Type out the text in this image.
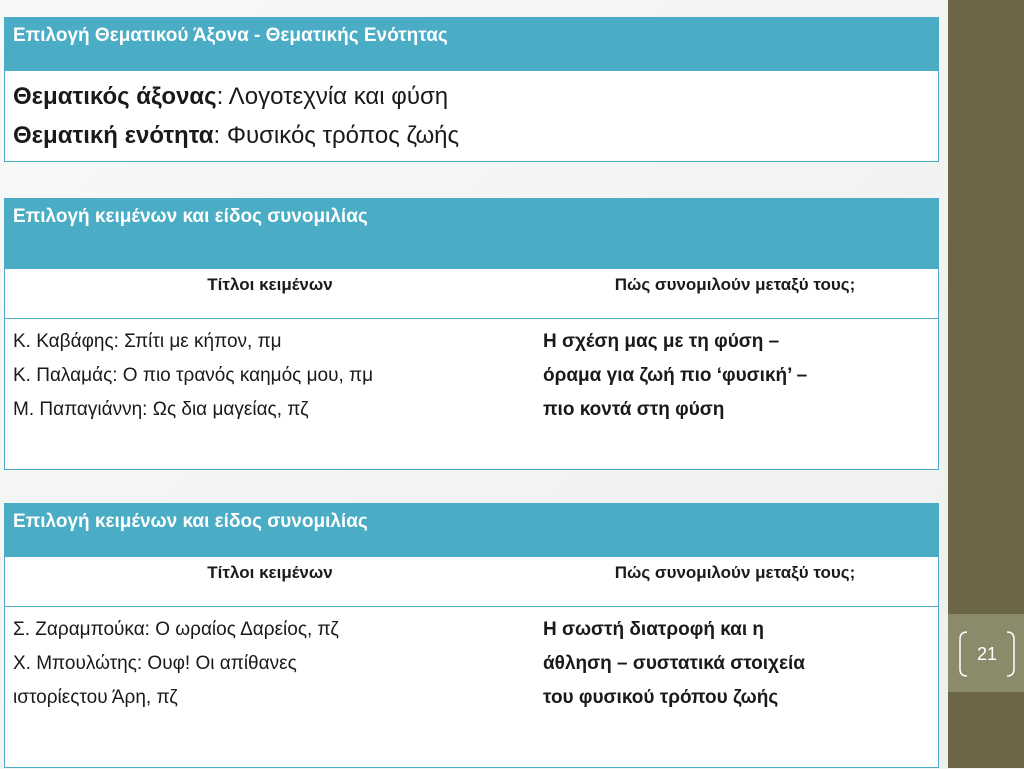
21
Επιλογή Θεματικού Άξονα - Θεματικής Ενότητας
Θεματικός άξονας: Λογοτεχνία και φύση
Θεματική ενότητα: Φυσικός τρόπος ζωής
Επιλογή κειμένων και είδος συνομιλίας
Τίτλοι κειμένων	Πώς συνομιλούν μεταξύ τους;
Κ. Καβάφης: Σπίτι με κήπον, πμ
Κ. Παλαμάς: Ο πιο τρανός καημός μου, πμ
Μ. Παπαγιάννη: Ως δια μαγείας, πζ
Η σχέση μας με τη φύση –
όραμα για ζωή πιο ‘φυσική’ –
πιο κοντά στη φύση
Επιλογή κειμένων και είδος συνομιλίας
Τίτλοι κειμένων	Πώς συνομιλούν μεταξύ τους;
Σ. Ζαραμπούκα: Ο ωραίος Δαρείος, πζ
Χ. Μπουλώτης: Ουφ! Οι απίθανες
ιστορίεςτου Άρη, πζ
Η σωστή διατροφή και η
άθληση – συστατικά στοιχεία
του φυσικού τρόπου ζωής
